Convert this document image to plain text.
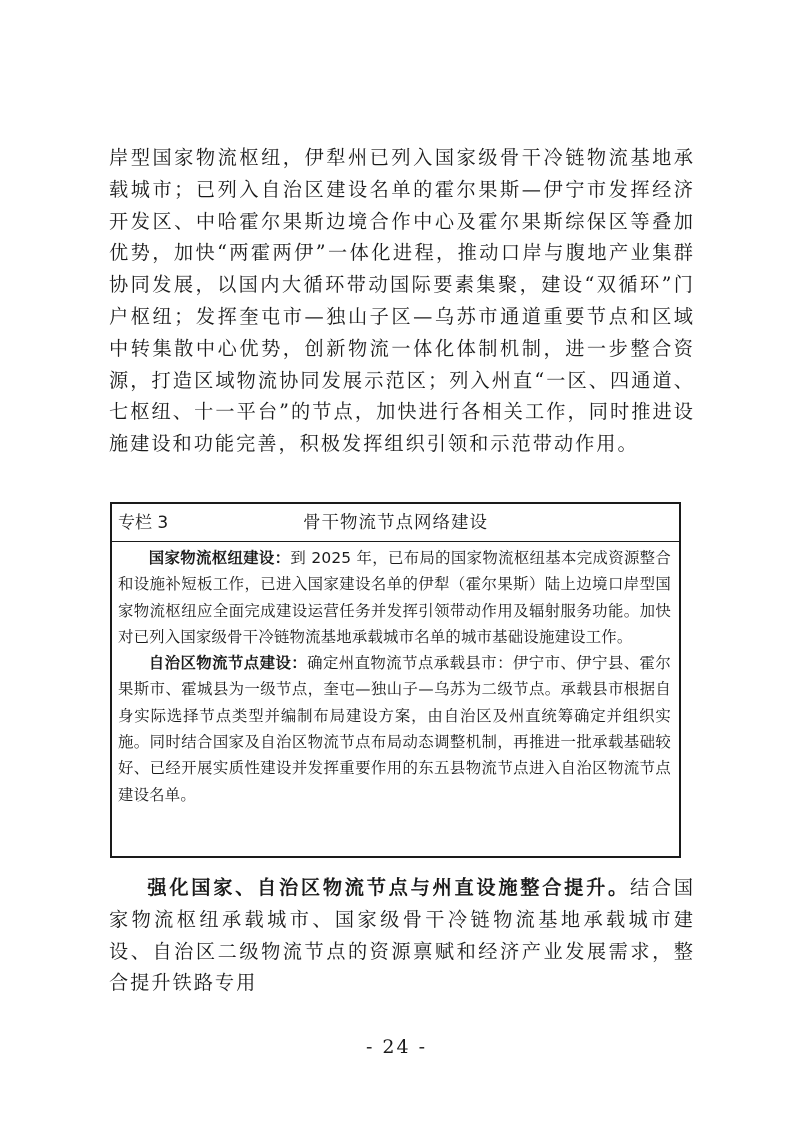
岸型国家物流枢纽，伊犁州已列入国家级骨干冷链物流基地承载城市；已列入自治区建设名单的霍尔果斯—伊宁市发挥经济开发区、中哈霍尔果斯边境合作中心及霍尔果斯综保区等叠加优势，加快“两霍两伊”一体化进程，推动口岸与腹地产业集群协同发展，以国内大循环带动国际要素集聚，建设“双循环”门户枢纽；发挥奎屯市—独山子区—乌苏市通道重要节点和区域中转集散中心优势，创新物流一体化体制机制，进一步整合资源，打造区域物流协同发展示范区；列入州直“一区、四通道、七枢纽、十一平台”的节点，加快进行各相关工作，同时推进设施建设和功能完善，积极发挥组织引领和示范带动作用。

专栏 3	骨干物流节点网络建设

国家物流枢纽建设：到 2025 年，已布局的国家物流枢纽基本完成资源整合和设施补短板工作，已进入国家建设名单的伊犁（霍尔果斯）陆上边境口岸型国家物流枢纽应全面完成建设运营任务并发挥引领带动作用及辐射服务功能。加快对已列入国家级骨干冷链物流基地承载城市名单的城市基础设施建设工作。

自治区物流节点建设：确定州直物流节点承载县市：伊宁市、伊宁县、霍尔果斯市、霍城县为一级节点，奎屯—独山子—乌苏为二级节点。承载县市根据自身实际选择节点类型并编制布局建设方案，由自治区及州直统筹确定并组织实施。同时结合国家及自治区物流节点布局动态调整机制，再推进一批承载基础较好、已经开展实质性建设并发挥重要作用的东五县物流节点进入自治区物流节点建设名单。

强化国家、自治区物流节点与州直设施整合提升。结合国家物流枢纽承载城市、国家级骨干冷链物流基地承载城市建设、自治区二级物流节点的资源禀赋和经济产业发展需求，整合提升铁路专用

- 24 -
